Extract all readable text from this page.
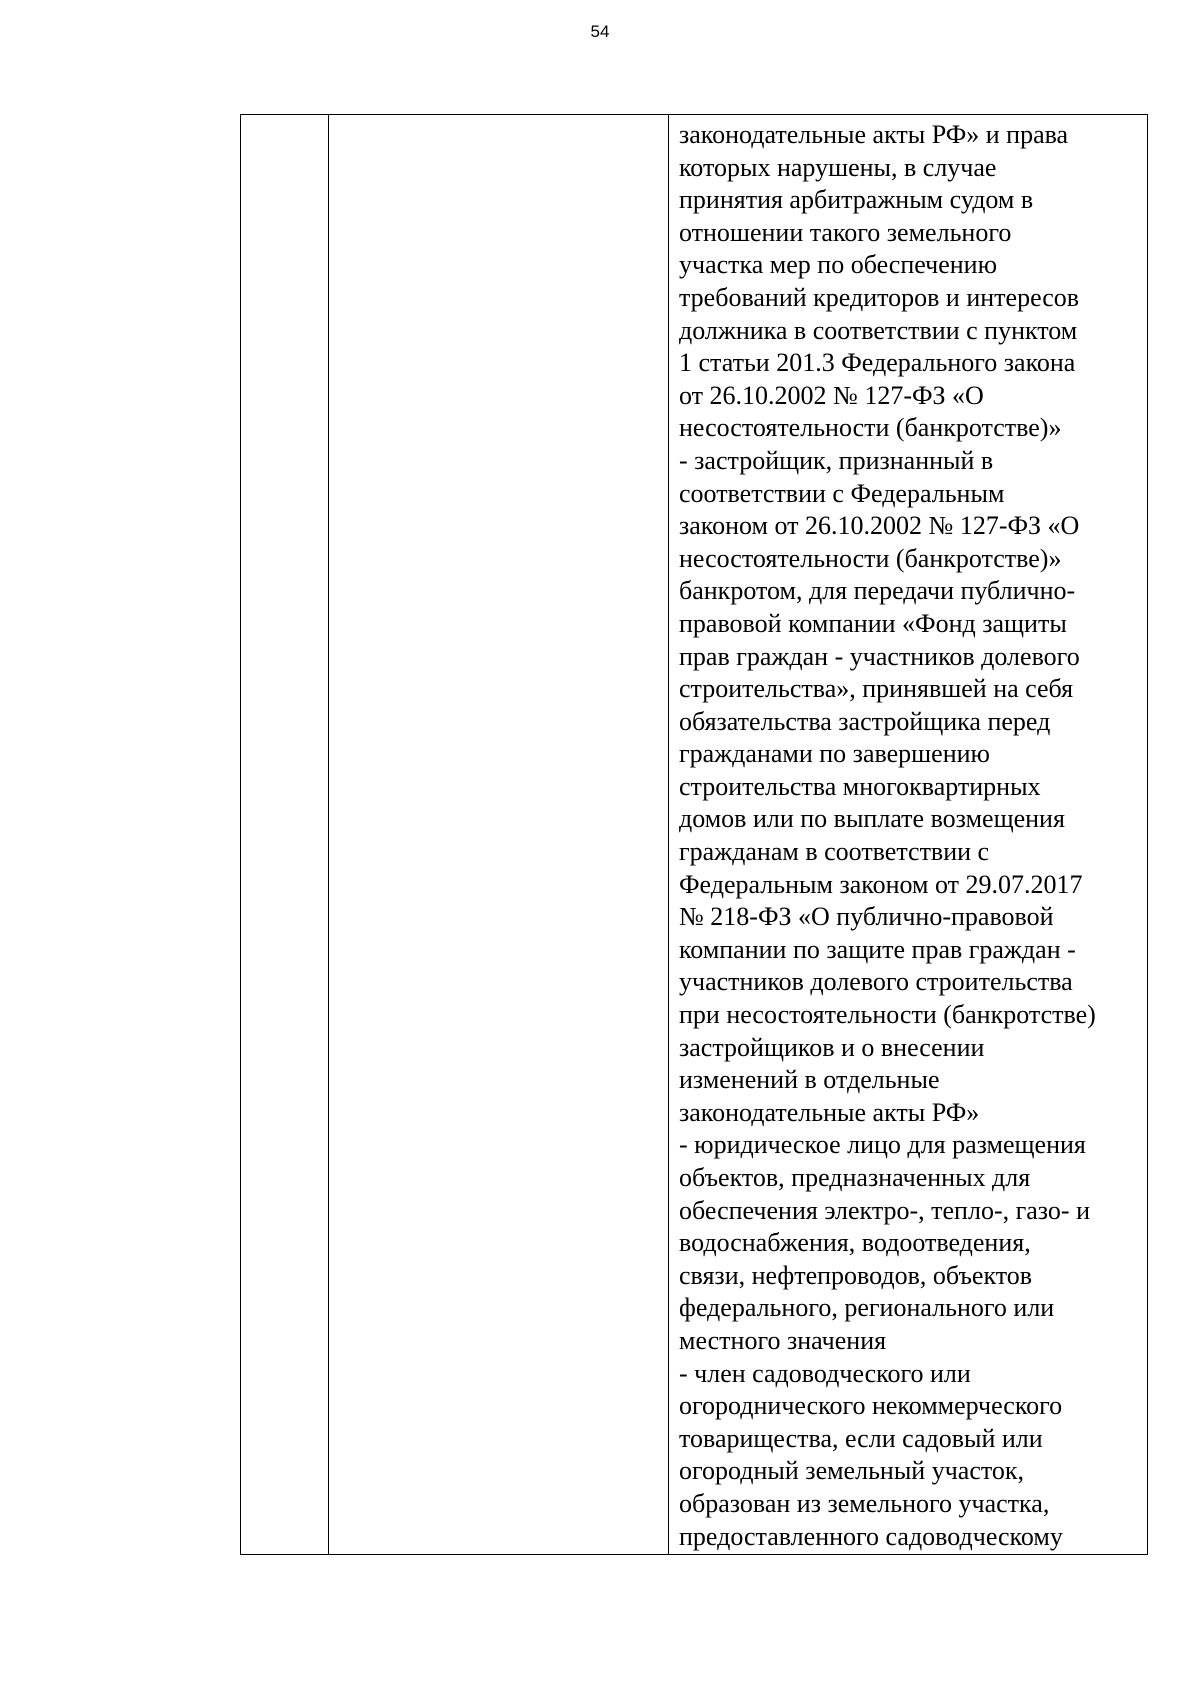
54
законодательные акты РФ» и права
которых нарушены, в случае
принятия арбитражным судом в
отношении такого земельного
участка мер по обеспечению
требований кредиторов и интересов
должника в соответствии с пунктом
1 статьи 201.3 Федерального закона
от 26.10.2002 № 127-ФЗ «О
несостоятельности (банкротстве)»
- застройщик, признанный в
соответствии с Федеральным
законом от 26.10.2002 № 127-ФЗ «О
несостоятельности (банкротстве)»
банкротом, для передачи публично-
правовой компании «Фонд защиты
прав граждан - участников долевого
строительства», принявшей на себя
обязательства застройщика перед
гражданами по завершению
строительства многоквартирных
домов или по выплате возмещения
гражданам в соответствии с
Федеральным законом от 29.07.2017
№ 218-ФЗ «О публично-правовой
компании по защите прав граждан -
участников долевого строительства
при несостоятельности (банкротстве)
застройщиков и о внесении
изменений в отдельные
законодательные акты РФ»
- юридическое лицо для размещения
объектов, предназначенных для
обеспечения электро-, тепло-, газо- и
водоснабжения, водоотведения,
связи, нефтепроводов, объектов
федерального, регионального или
местного значения
- член садоводческого или
огороднического некоммерческого
товарищества, если садовый или
огородный земельный участок,
образован из земельного участка,
предоставленного садоводческому
